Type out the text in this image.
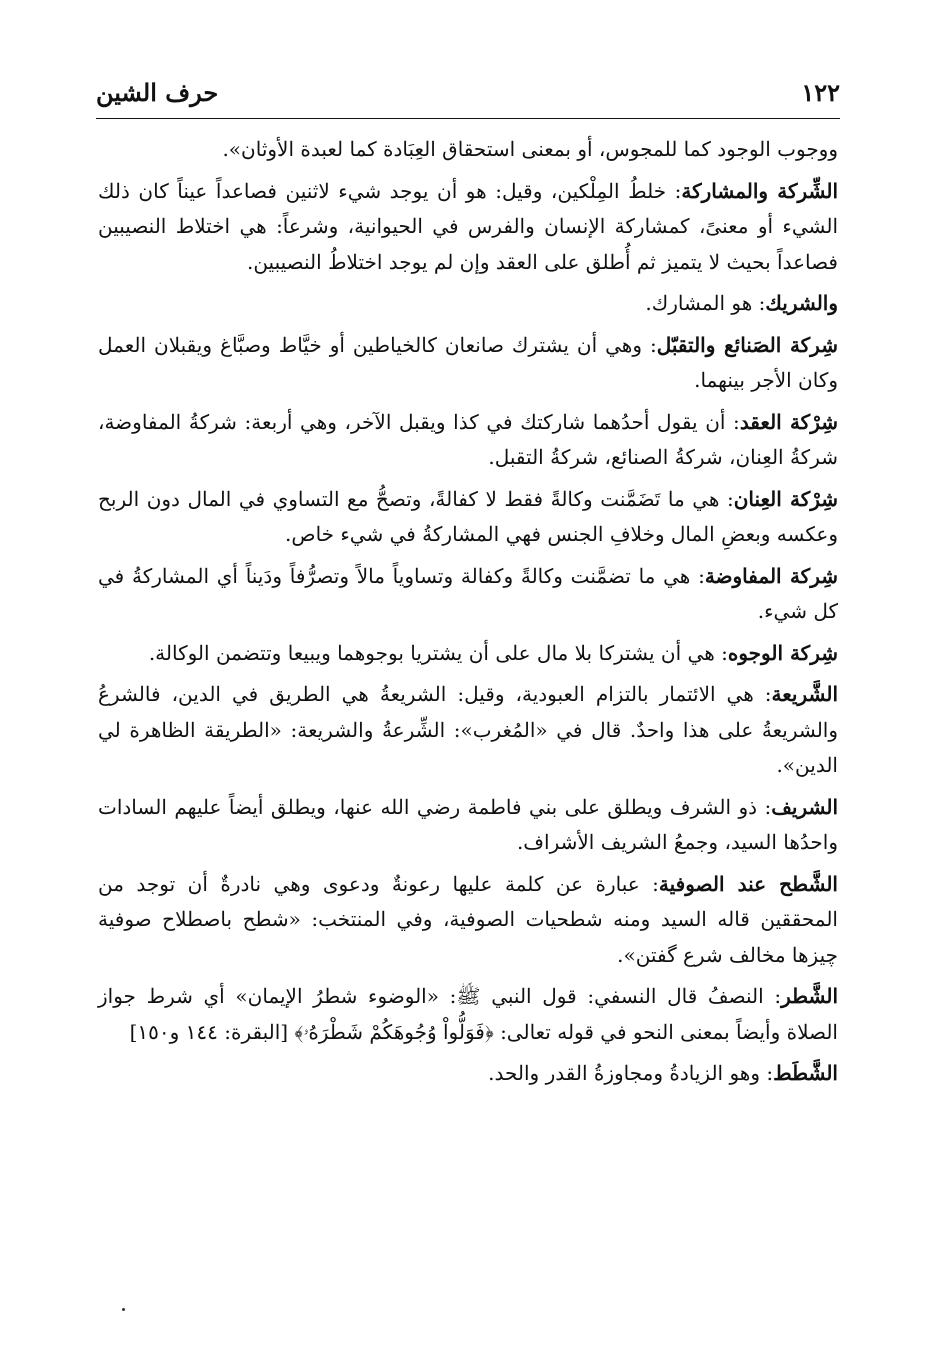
١٢٢
حرف الشين

ووجوب الوجود كما للمجوس، أو بمعنى استحقاق العِبَادة كما لعبدة الأوثان».

الشِّركة والمشاركة: خلطُ المِلْكين، وقيل: هو أن يوجد شيء لاثنين فصاعداً عيناً كان ذلك الشيء أو معنىً، كمشاركة الإنسان والفرس في الحيوانية، وشرعاً: هي اختلاط النصيبين فصاعداً بحيث لا يتميز ثم أُطلق على العقد وإن لم يوجد اختلاطُ النصيبين.

والشريك: هو المشارك.

شِركة الصَنائع والتقبّل: وهي أن يشترك صانعان كالخياطين أو خيَّاط وصبَّاغ ويقبلان العمل وكان الأجر بينهما.

شِرْكة العقد: أن يقول أحدُهما شاركتك في كذا ويقبل الآخر، وهي أربعة: شركةُ المفاوضة، شركةُ العِنان، شركةُ الصنائع، شركةُ التقبل.

شِرْكة العِنان: هي ما تَضَمَّنت وكالةً فقط لا كفالةً، وتصحُّ مع التساوي في المال دون الربح وعكسه وبعضِ المال وخلافِ الجنس فهي المشاركةُ في شيء خاص.

شِركة المفاوضة: هي ما تضمَّنت وكالةً وكفالة وتساوياً مالاً وتصرُّفاً ودَيناً أي المشاركةُ في كل شيء.

شِركة الوجوه: هي أن يشتركا بلا مال على أن يشتريا بوجوهما ويبيعا وتتضمن الوكالة.

الشَّريعة: هي الائتمار بالتزام العبودية، وقيل: الشريعةُ هي الطريق في الدين، فالشرعُ والشريعةُ على هذا واحدٌ. قال في «المُغرب»: الشِّرعةُ والشريعة: «الطريقة الظاهرة لي الدين».

الشريف: ذو الشرف ويطلق على بني فاطمة رضي الله عنها، ويطلق أيضاً عليهم السادات واحدُها السيد، وجمعُ الشريف الأشراف.

الشَّطح عند الصوفية: عبارة عن كلمة عليها رعونةٌ ودعوى وهي نادرةٌ أن توجد من المحققين قاله السيد ومنه شطحيات الصوفية، وفي المنتخب: «شطح باصطلاح صوفية چيزها مخالف شرع گفتن».

الشَّطر: النصفُ قال النسفي: قول النبي ﷺ: «الوضوء شطرُ الإيمان» أي شرط جواز الصلاة وأيضاً بمعنى النحو في قوله تعالى: ﴿فَوَلُّواْ وُجُوهَكُمْ شَطْرَهُۥ﴾ [البقرة: ١٤٤ و١٥٠]

الشَّطَط: وهو الزيادةُ ومجاوزةُ القدر والحد.
